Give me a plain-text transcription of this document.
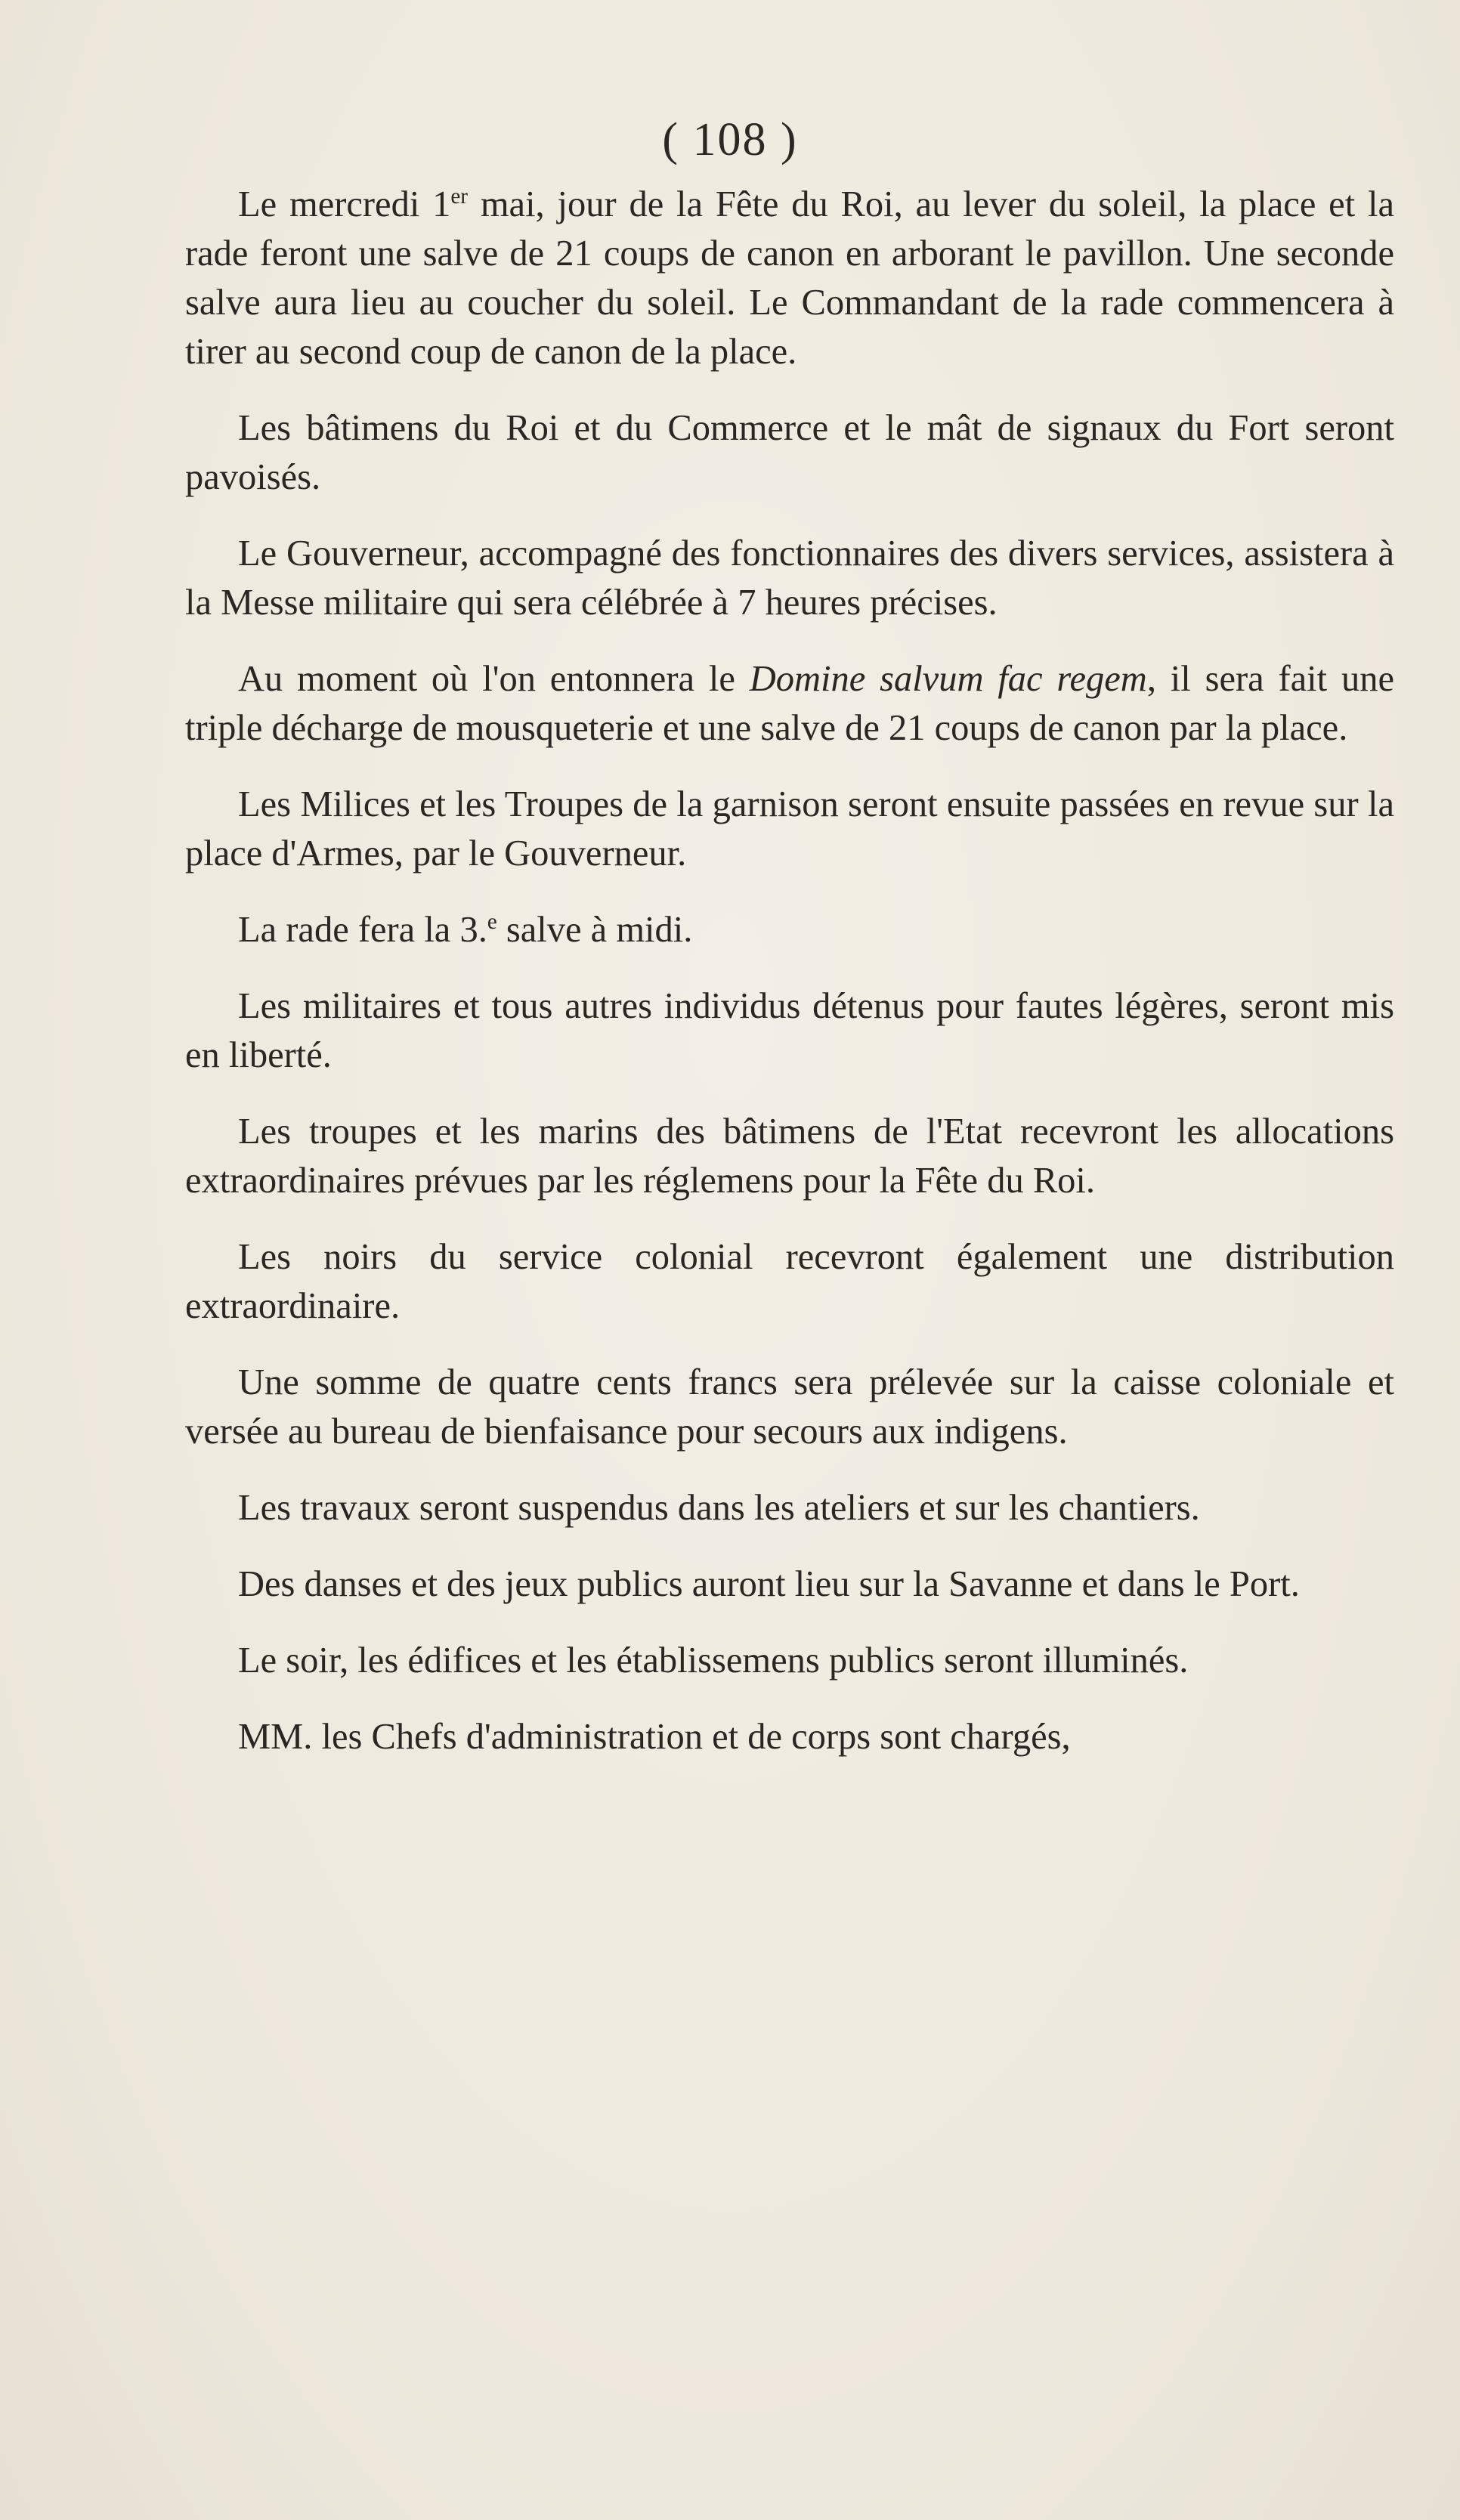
( 108 )

Le mercredi 1er mai, jour de la Fête du Roi, au lever du soleil, la place et la rade feront une salve de 21 coups de canon en arborant le pavillon. Une seconde salve aura lieu au coucher du soleil. Le Commandant de la rade commencera à tirer au second coup de canon de la place.

Les bâtimens du Roi et du Commerce et le mât de signaux du Fort seront pavoisés.

Le Gouverneur, accompagné des fonctionnaires des divers services, assistera à la Messe militaire qui sera célébrée à 7 heures précises.

Au moment où l'on entonnera le Domine salvum fac regem, il sera fait une triple décharge de mousqueterie et une salve de 21 coups de canon par la place.

Les Milices et les Troupes de la garnison seront ensuite passées en revue sur la place d'Armes, par le Gouverneur.

La rade fera la 3.$^e$ salve à midi.

Les militaires et tous autres individus détenus pour fautes légères, seront mis en liberté.

Les troupes et les marins des bâtimens de l'Etat recevront les allocations extraordinaires prévues par les réglemens pour la Fête du Roi.

Les noirs du service colonial recevront également une distribution extraordinaire.

Une somme de quatre cents francs sera prélevée sur la caisse coloniale et versée au bureau de bienfaisance pour secours aux indigens.

Les travaux seront suspendus dans les ateliers et sur les chantiers.

Des danses et des jeux publics auront lieu sur la Savanne et dans le Port.

Le soir, les édifices et les établissemens publics seront illuminés.

MM. les Chefs d'administration et de corps sont chargés,
